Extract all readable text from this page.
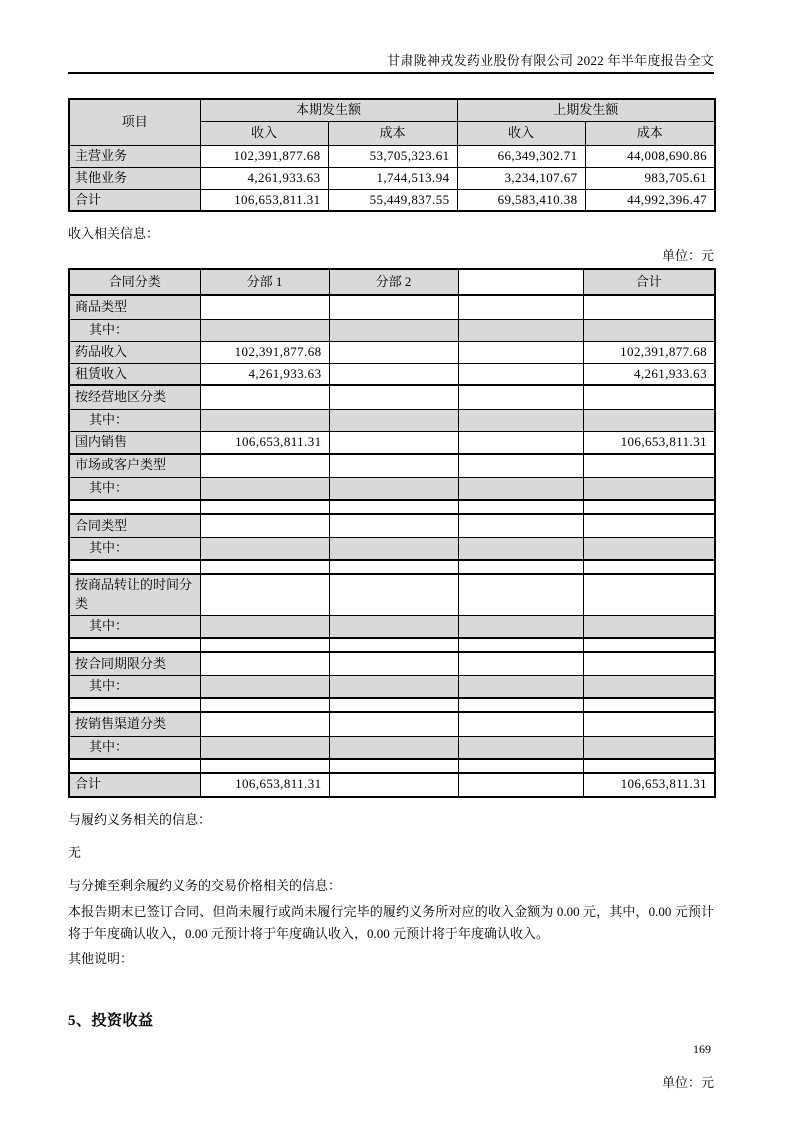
甘肃陇神戎发药业股份有限公司 2022 年半年度报告全文
项目	本期发生额		上期发生额	
	收入	成本	收入	成本
主营业务	102,391,877.68	53,705,323.61	66,349,302.71	44,008,690.86
其他业务	4,261,933.63	1,744,513.94	3,234,107.67	983,705.61
合计	106,653,811.31	55,449,837.55	69,583,410.38	44,992,396.47
收入相关信息：
单位：元
合同分类	分部 1	分部 2		合计
商品类型				
其中：				
药品收入	102,391,877.68			102,391,877.68
租赁收入	4,261,933.63			4,261,933.63
按经营地区分类				
其中：				
国内销售	106,653,811.31			106,653,811.31
市场或客户类型				
其中：				

合同类型				
其中：				

按商品转让的时间分类				
其中：				

按合同期限分类				
其中：				

按销售渠道分类				
其中：				

合计	106,653,811.31			106,653,811.31
与履约义务相关的信息：
无
与分摊至剩余履约义务的交易价格相关的信息：
本报告期末已签订合同、但尚未履行或尚未履行完毕的履约义务所对应的收入金额为 0.00 元，其中，0.00 元预计将于年度确认收入，0.00 元预计将于年度确认收入，0.00 元预计将于年度确认收入。
其他说明：
5、投资收益
单位：元
169
